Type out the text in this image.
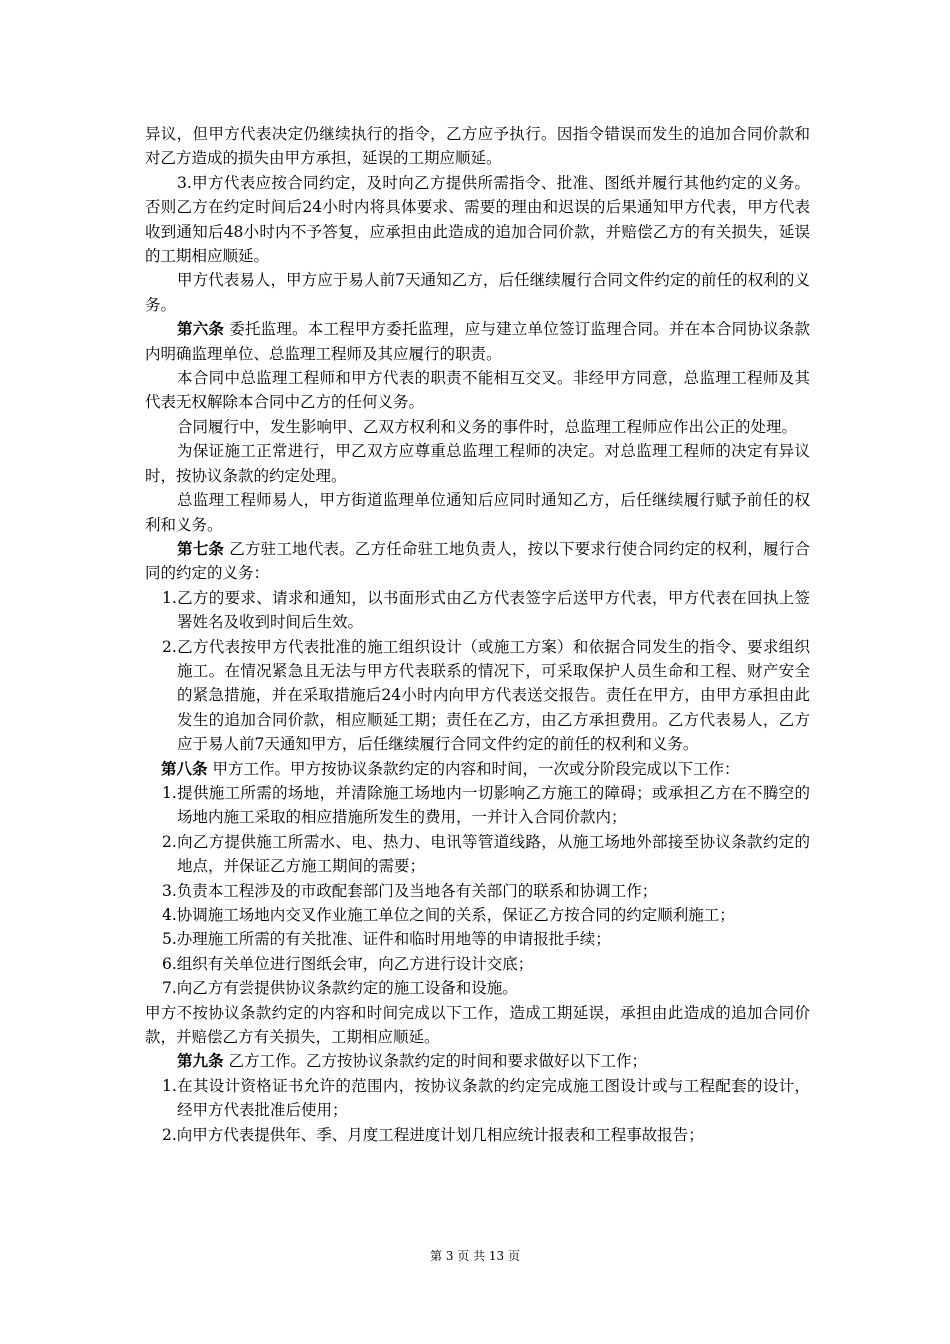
异议，但甲方代表决定仍继续执行的指令，乙方应予执行。因指令错误而发生的追加合同价款和对乙方造成的损失由甲方承担，延误的工期应顺延。

3.甲方代表应按合同约定，及时向乙方提供所需指令、批准、图纸并履行其他约定的义务。否则乙方在约定时间后24小时内将具体要求、需要的理由和迟误的后果通知甲方代表，甲方代表收到通知后48小时内不予答复，应承担由此造成的追加合同价款，并赔偿乙方的有关损失，延误的工期相应顺延。

甲方代表易人，甲方应于易人前7天通知乙方，后任继续履行合同文件约定的前任的权利的义务。

第六条 委托监理。本工程甲方委托监理，应与建立单位签订监理合同。并在本合同协议条款内明确监理单位、总监理工程师及其应履行的职责。

本合同中总监理工程师和甲方代表的职责不能相互交叉。非经甲方同意，总监理工程师及其代表无权解除本合同中乙方的任何义务。

合同履行中，发生影响甲、乙双方权利和义务的事件时，总监理工程师应作出公正的处理。

为保证施工正常进行，甲乙双方应尊重总监理工程师的决定。对总监理工程师的决定有异议时，按协议条款的约定处理。

总监理工程师易人，甲方街道监理单位通知后应同时通知乙方，后任继续履行赋予前任的权利和义务。

第七条 乙方驻工地代表。乙方任命驻工地负责人，按以下要求行使合同约定的权利，履行合同的约定的义务：

1.乙方的要求、请求和通知，以书面形式由乙方代表签字后送甲方代表，甲方代表在回执上签署姓名及收到时间后生效。

2.乙方代表按甲方代表批准的施工组织设计（或施工方案）和依据合同发生的指令、要求组织施工。在情况紧急且无法与甲方代表联系的情况下，可采取保护人员生命和工程、财产安全的紧急措施，并在采取措施后24小时内向甲方代表送交报告。责任在甲方，由甲方承担由此发生的追加合同价款，相应顺延工期；责任在乙方，由乙方承担费用。乙方代表易人，乙方应于易人前7天通知甲方，后任继续履行合同文件约定的前任的权利和义务。

第八条 甲方工作。甲方按协议条款约定的内容和时间，一次或分阶段完成以下工作：

1.提供施工所需的场地，并清除施工场地内一切影响乙方施工的障碍；或承担乙方在不腾空的场地内施工采取的相应措施所发生的费用，一并计入合同价款内；

2.向乙方提供施工所需水、电、热力、电讯等管道线路，从施工场地外部接至协议条款约定的地点，并保证乙方施工期间的需要；

3.负责本工程涉及的市政配套部门及当地各有关部门的联系和协调工作；

4.协调施工场地内交叉作业施工单位之间的关系，保证乙方按合同的约定顺利施工；

5.办理施工所需的有关批准、证件和临时用地等的申请报批手续；

6.组织有关单位进行图纸会审，向乙方进行设计交底；

7.向乙方有尝提供协议条款约定的施工设备和设施。

甲方不按协议条款约定的内容和时间完成以下工作，造成工期延误，承担由此造成的追加合同价款，并赔偿乙方有关损失，工期相应顺延。

第九条 乙方工作。乙方按协议条款约定的时间和要求做好以下工作；

1.在其设计资格证书允许的范围内，按协议条款的约定完成施工图设计或与工程配套的设计，经甲方代表批准后使用；

2.向甲方代表提供年、季、月度工程进度计划几相应统计报表和工程事故报告；

第 3 页 共 13 页
